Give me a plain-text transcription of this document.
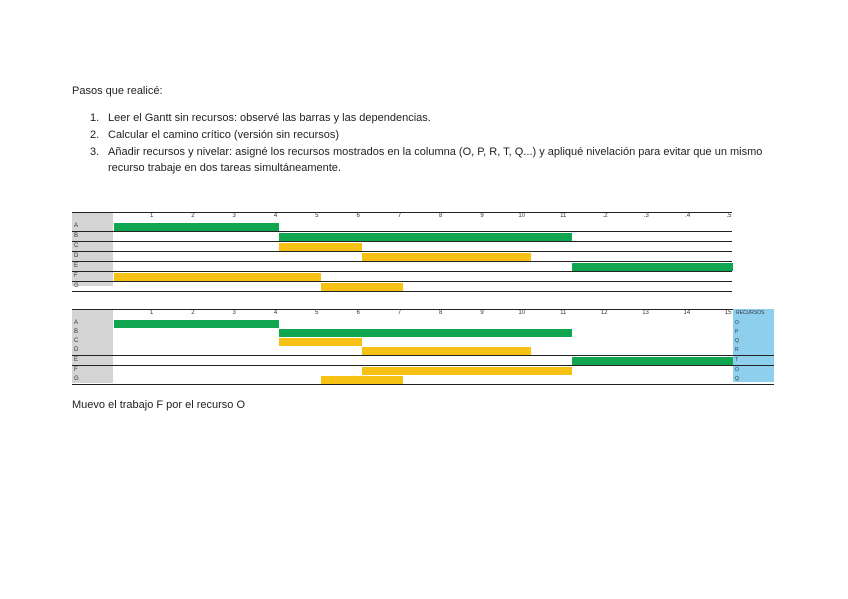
Pasos que realicé:
1. Leer el Gantt sin recursos: observé las barras y las dependencias.
2. Calcular el camino crítico (versión sin recursos)
3. Añadir recursos y nivelar: asigné los recursos mostrados en la columna (O, P, R, T, Q...) y apliqué nivelación para evitar que un mismo recurso trabaje en dos tareas simultáneamente.
1	2	3	4	5	6	7	8	9	10	11	.2	.3	.4	.5
A
B
C
D
E
F
G
1	2	3	4	5	6	7	8	9	10	11	12	13	14	15 RECURSOS
A	O
B	P
C	Q
D	R
E	T
F	O
G	Q
Muevo el trabajo F por el recurso O
